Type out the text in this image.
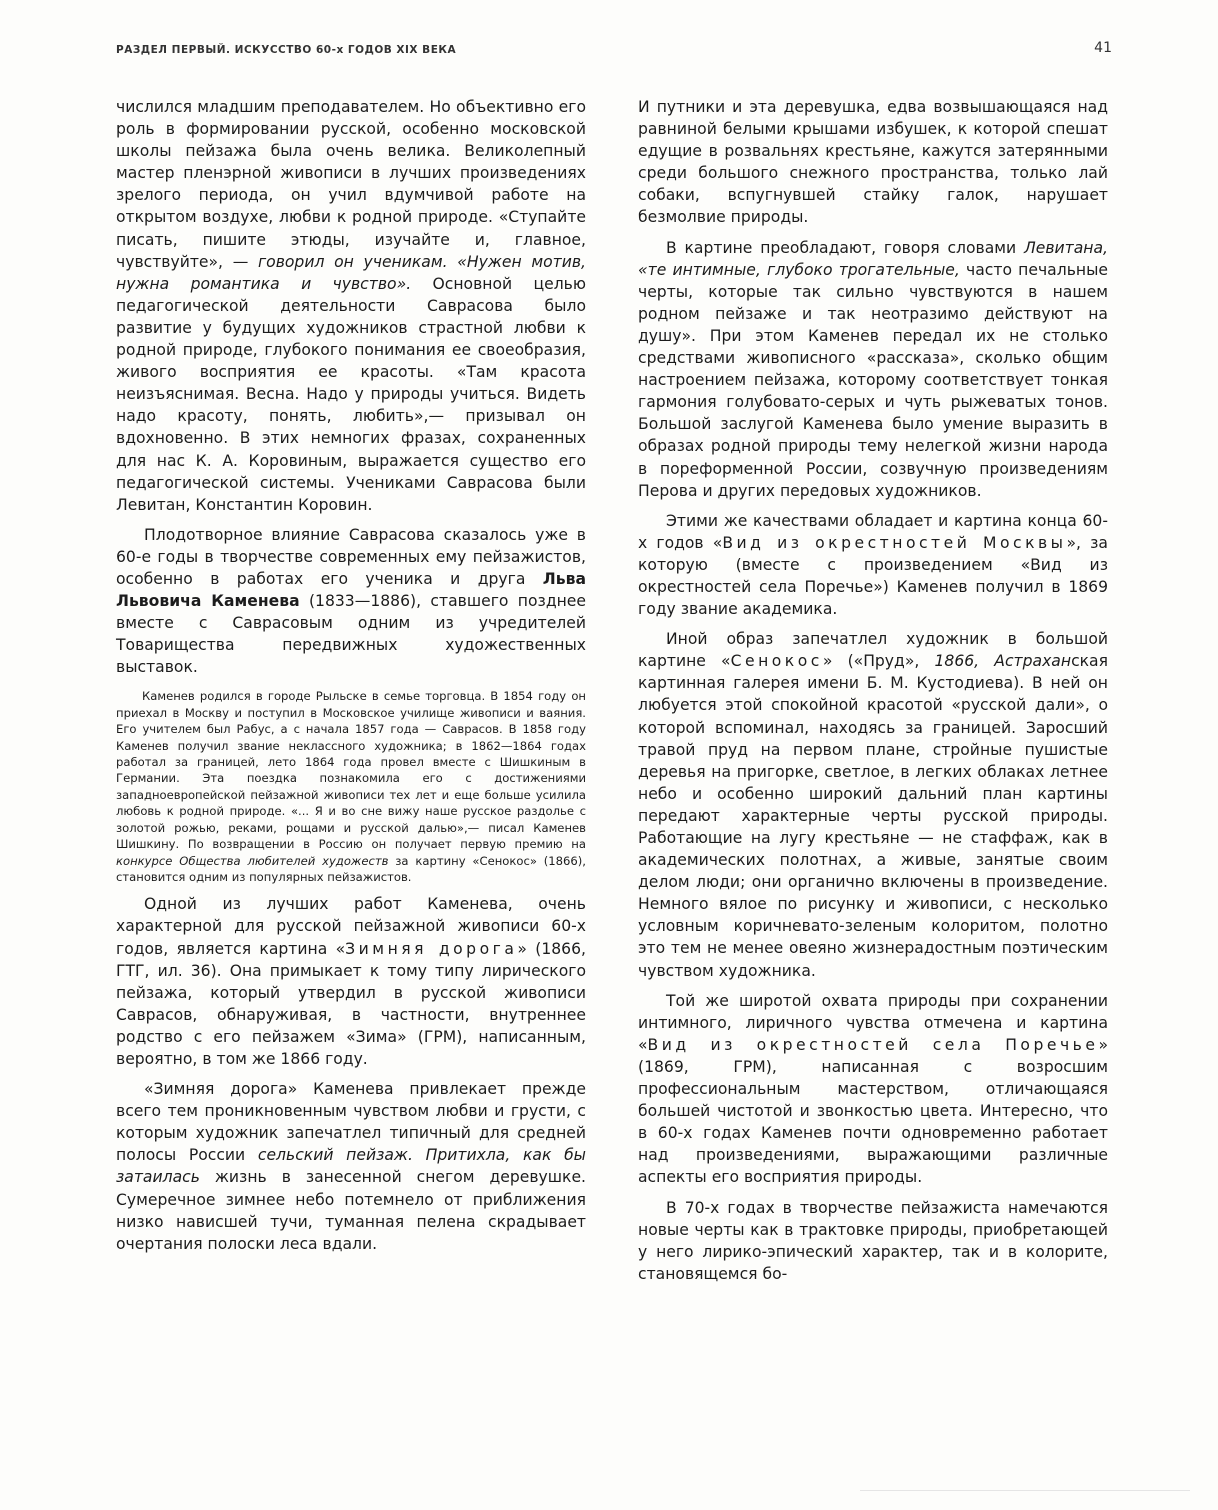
РАЗДЕЛ ПЕРВЫЙ. ИСКУССТВО 60-х ГОДОВ XIX ВЕКА	41

числился младшим преподавателем. Но объективно его роль в формировании русской, особенно московской школы пейзажа была очень велика. Великолепный мастер пленэрной живописи в лучших произведениях зрелого периода, он учил вдумчивой работе на открытом воздухе, любви к родной природе. «Ступайте писать, пишите этюды, изучайте и, главное, чувствуйте», — говорил он ученикам. «Нужен мотив, нужна романтика и чувство». Основной целью педагогической деятельности Саврасова было развитие у будущих художников страстной любви к родной природе, глубокого понимания ее своеобразия, живого восприятия ее красоты. «Там красота неизъяснимая. Весна. Надо у природы учиться. Видеть надо красоту, понять, любить»,— призывал он вдохновенно. В этих немногих фразах, сохраненных для нас К. А. Коровиным, выражается существо его педагогической системы. Учениками Саврасова были Левитан, Константин Коровин.

Плодотворное влияние Саврасова сказалось уже в 60-е годы в творчестве современных ему пейзажистов, особенно в работах его ученика и друга Льва Львовича Каменева (1833—1886), ставшего позднее вместе с Саврасовым одним из учредителей Товарищества передвижных художественных выставок.

Каменев родился в городе Рыльске в семье торговца. В 1854 году он приехал в Москву и поступил в Московское училище живописи и ваяния. Его учителем был Рабус, а с начала 1857 года — Саврасов. В 1858 году Каменев получил звание неклассного художника; в 1862—1864 годах работал за границей, лето 1864 года провел вместе с Шишкиным в Германии. Эта поездка познакомила его с достижениями западноевропейской пейзажной живописи тех лет и еще больше усилила любовь к родной природе. «... Я и во сне вижу наше русское раздолье с золотой рожью, реками, рощами и русской далью»,— писал Каменев Шишкину. По возвращении в Россию он получает первую премию на конкурсе Общества любителей художеств за картину «Сенокос» (1866), становится одним из популярных пейзажистов.

Одной из лучших работ Каменева, очень характерной для русской пейзажной живописи 60-х годов, является картина «Зимняя дорога» (1866, ГТГ, ил. 36). Она примыкает к тому типу лирического пейзажа, который утвердил в русской живописи Саврасов, обнаруживая, в частности, внутреннее родство с его пейзажем «Зима» (ГРМ), написанным, вероятно, в том же 1866 году.

«Зимняя дорога» Каменева привлекает прежде всего тем проникновенным чувством любви и грусти, с которым художник запечатлел типичный для средней полосы России сельский пейзаж. Притихла, как бы затаилась жизнь в занесенной снегом деревушке. Сумеречное зимнее небо потемнело от приближения низко нависшей тучи, туманная пелена скрадывает очертания полоски леса вдали.

И путники и эта деревушка, едва возвышающаяся над равниной белыми крышами избушек, к которой спешат едущие в розвальнях крестьяне, кажутся затерянными среди большого снежного пространства, только лай собаки, вспугнувшей стайку галок, нарушает безмолвие природы.

В картине преобладают, говоря словами Левитана, «те интимные, глубоко трогательные, часто печальные черты, которые так сильно чувствуются в нашем родном пейзаже и так неотразимо действуют на душу». При этом Каменев передал их не столько средствами живописного «рассказа», сколько общим настроением пейзажа, которому соответствует тонкая гармония голубовато-серых и чуть рыжеватых тонов. Большой заслугой Каменева было умение выразить в образах родной природы тему нелегкой жизни народа в пореформенной России, созвучную произведениям Перова и других передовых художников.

Этими же качествами обладает и картина конца 60-х годов «Вид из окрестностей Москвы», за которую (вместе с произведением «Вид из окрестностей села Поречье») Каменев получил в 1869 году звание академика.

Иной образ запечатлел художник в большой картине «Сенокос» («Пруд», 1866, Астраханская картинная галерея имени Б. М. Кустодиева). В ней он любуется этой спокойной красотой «русской дали», о которой вспоминал, находясь за границей. Заросший травой пруд на первом плане, стройные пушистые деревья на пригорке, светлое, в легких облаках летнее небо и особенно широкий дальний план картины передают характерные черты русской природы. Работающие на лугу крестьяне — не стаффаж, как в академических полотнах, а живые, занятые своим делом люди; они органично включены в произведение. Немного вялое по рисунку и живописи, с несколько условным коричневато-зеленым колоритом, полотно это тем не менее овеяно жизнерадостным поэтическим чувством художника.

Той же широтой охвата природы при сохранении интимного, лиричного чувства отмечена и картина «Вид из окрестностей села Поречье» (1869, ГРМ), написанная с возросшим профессиональным мастерством, отличающаяся большей чистотой и звонкостью цвета. Интересно, что в 60-х годах Каменев почти одновременно работает над произведениями, выражающими различные аспекты его восприятия природы.

В 70-х годах в творчестве пейзажиста намечаются новые черты как в трактовке природы, приобретающей у него лирико-эпический характер, так и в колорите, становящемся бо-
